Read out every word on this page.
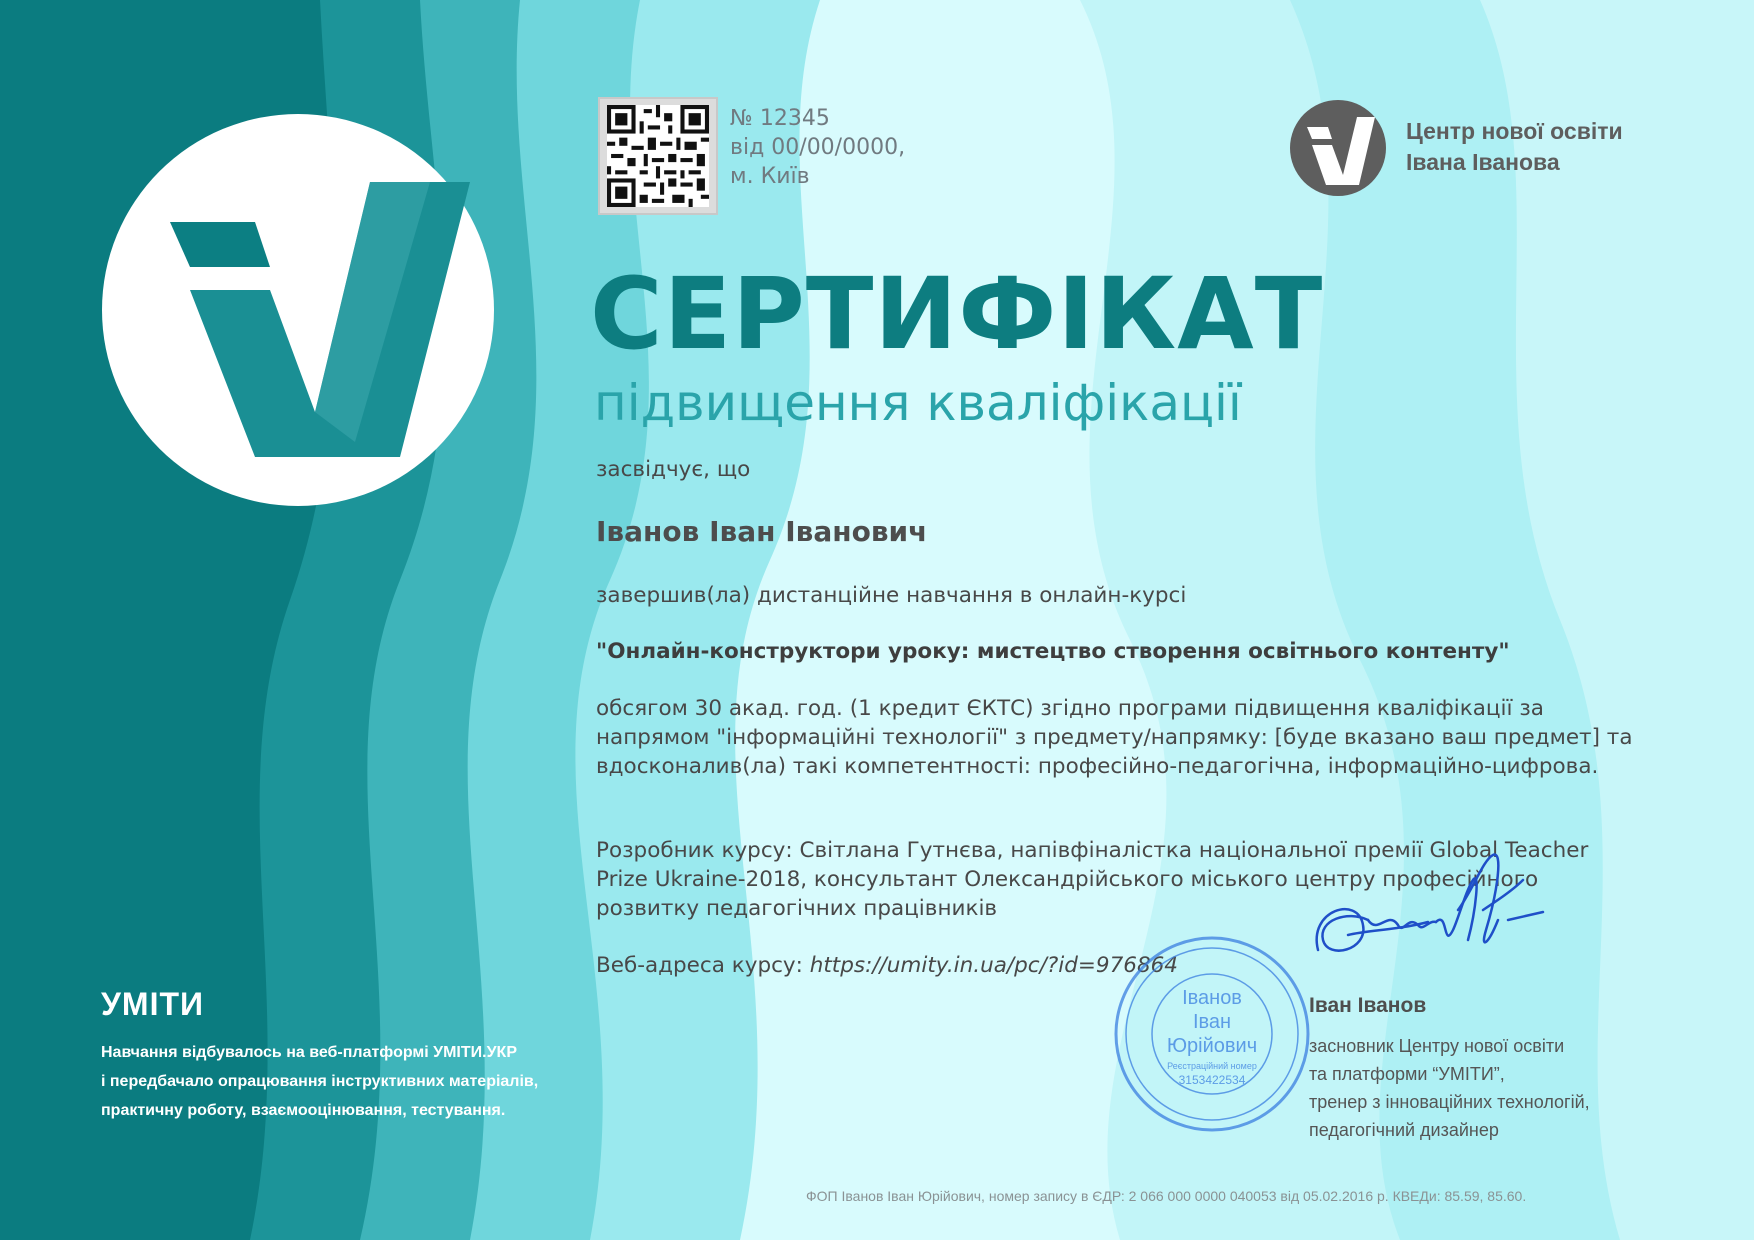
№ 12345
від 00/00/0000,
м. Київ
Центр нової освіти
Івана Іванова
СЕРТИФІКАТ
підвищення кваліфікації
засвідчує, що
Іванов Іван Іванович
завершив(ла) дистанційне навчання в онлайн-курсі
"Онлайн-конструктори уроку: мистецтво створення освітнього контенту"
обсягом 30 акад. год. (1 кредит ЄКТС) згідно програми підвищення кваліфікації за напрямом "інформаційні технології" з предмету/напрямку: [буде вказано ваш предмет] та вдосконалив(ла) такі компетентності: професійно-педагогічна, інформаційно-цифрова.
Розробник курсу: Світлана Гутнєва, напівфіналістка національної премії Global Teacher Prize Ukraine-2018, консультант Олександрійського міського центру професійного розвитку педагогічних працівників
Веб-адреса курсу: https://umity.in.ua/pc/?id=976864
УМІТИ
Навчання відбувалось на веб-платформі УМІТИ.УКР
і передбачало опрацювання інструктивних матеріалів,
практичну роботу, взаємооцінювання, тестування.
Іванов
Іван
Юрійович
Реєстраційний номер
3153422534
Іван Іванов
засновник Центру нової освіти
та платформи “УМІТИ”,
тренер з інноваційних технологій,
педагогічний дизайнер
ФОП Іванов Іван Юрійович, номер запису в ЄДР: 2 066 000 0000 040053 від 05.02.2016 р. КВЕДи: 85.59, 85.60.
